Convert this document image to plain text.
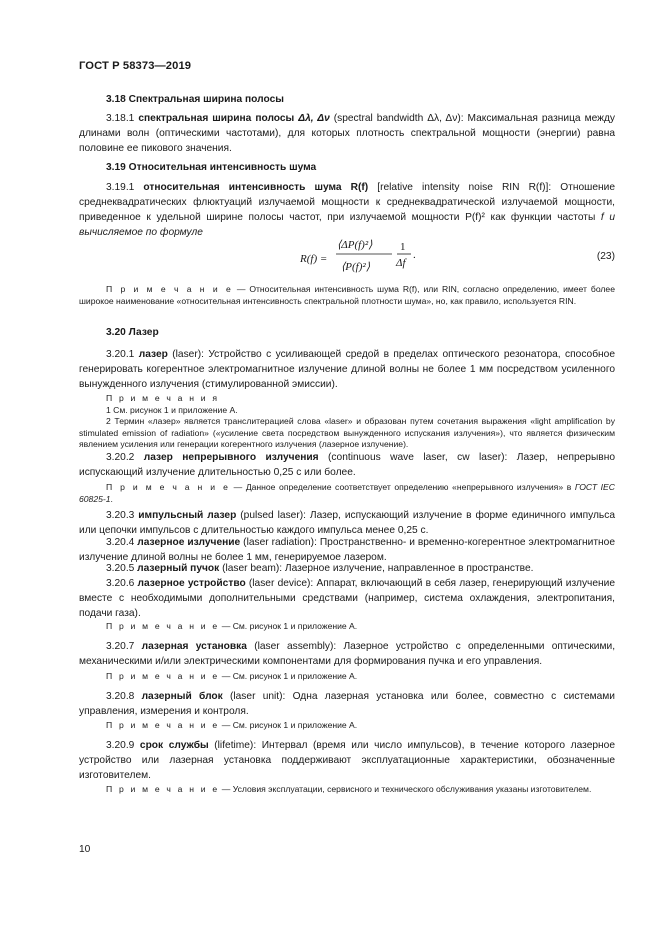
ГОСТ Р 58373—2019
3.18 Спектральная ширина полосы
3.18.1 спектральная ширина полосы Δλ, Δν (spectral bandwidth Δλ, Δν): Максимальная разница между длинами волн (оптическими частотами), для которых плотность спектральной мощности (энергии) равна половине ее пикового значения.
3.19 Относительная интенсивность шума
3.19.1 относительная интенсивность шума R(f) [relative intensity noise RIN R(f)]: Отношение среднеквадратических флюктуаций излучаемой мощности к среднеквадратической излучаемой мощности, приведенное к удельной ширине полосы частот, при излучаемой мощности P(f)² как функции частоты f и вычисляемое по формуле
R(f) =
⟨ΔP(f)²⟩
⟨P(f)²⟩
1
Δf
.	(23)
П р и м е ч а н и е — Относительная интенсивность шума R(f), или RIN, согласно определению, имеет более широкое наименование «относительная интенсивность спектральной плотности шума», но, как правило, используется RIN.
3.20 Лазер
3.20.1 лазер (laser): Устройство с усиливающей средой в пределах оптического резонатора, способное генерировать когерентное электромагнитное излучение длиной волны не более 1 мм посредством усиленного вынужденного излучения (стимулированной эмиссии).
П р и м е ч а н и я
1 См. рисунок 1 и приложение А.
2 Термин «лазер» является транслитерацией слова «laser» и образован путем сочетания выражения «light amplification by stimulated emission of radiation» («усиление света посредством вынужденного испускания излучения»), что является физическим явлением усиления или генерации когерентного излучения (лазерное излучение).
3.20.2 лазер непрерывного излучения (continuous wave laser, cw laser): Лазер, непрерывно испускающий излучение длительностью 0,25 с или более.
П р и м е ч а н и е — Данное определение соответствует определению «непрерывного излучения» в ГОСТ IEC 60825-1.
3.20.3 импульсный лазер (pulsed laser): Лазер, испускающий излучение в форме единичного импульса или цепочки импульсов с длительностью каждого импульса менее 0,25 с.
3.20.4 лазерное излучение (laser radiation): Пространственно- и временно-когерентное электромагнитное излучение длиной волны не более 1 мм, генерируемое лазером.
3.20.5 лазерный пучок (laser beam): Лазерное излучение, направленное в пространстве.
3.20.6 лазерное устройство (laser device): Аппарат, включающий в себя лазер, генерирующий излучение вместе с необходимыми дополнительными средствами (например, система охлаждения, электропитания, подачи газа).
П р и м е ч а н и е — См. рисунок 1 и приложение А.
3.20.7 лазерная установка (laser assembly): Лазерное устройство с определенными оптическими, механическими и/или электрическими компонентами для формирования пучка и его управления.
П р и м е ч а н и е — См. рисунок 1 и приложение А.
3.20.8 лазерный блок (laser unit): Одна лазерная установка или более, совместно с системами управления, измерения и контроля.
П р и м е ч а н и е — См. рисунок 1 и приложение А.
3.20.9 срок службы (lifetime): Интервал (время или число импульсов), в течение которого лазерное устройство или лазерная установка поддерживают эксплуатационные характеристики, обозначенные изготовителем.
П р и м е ч а н и е — Условия эксплуатации, сервисного и технического обслуживания указаны изготовителем.
10
